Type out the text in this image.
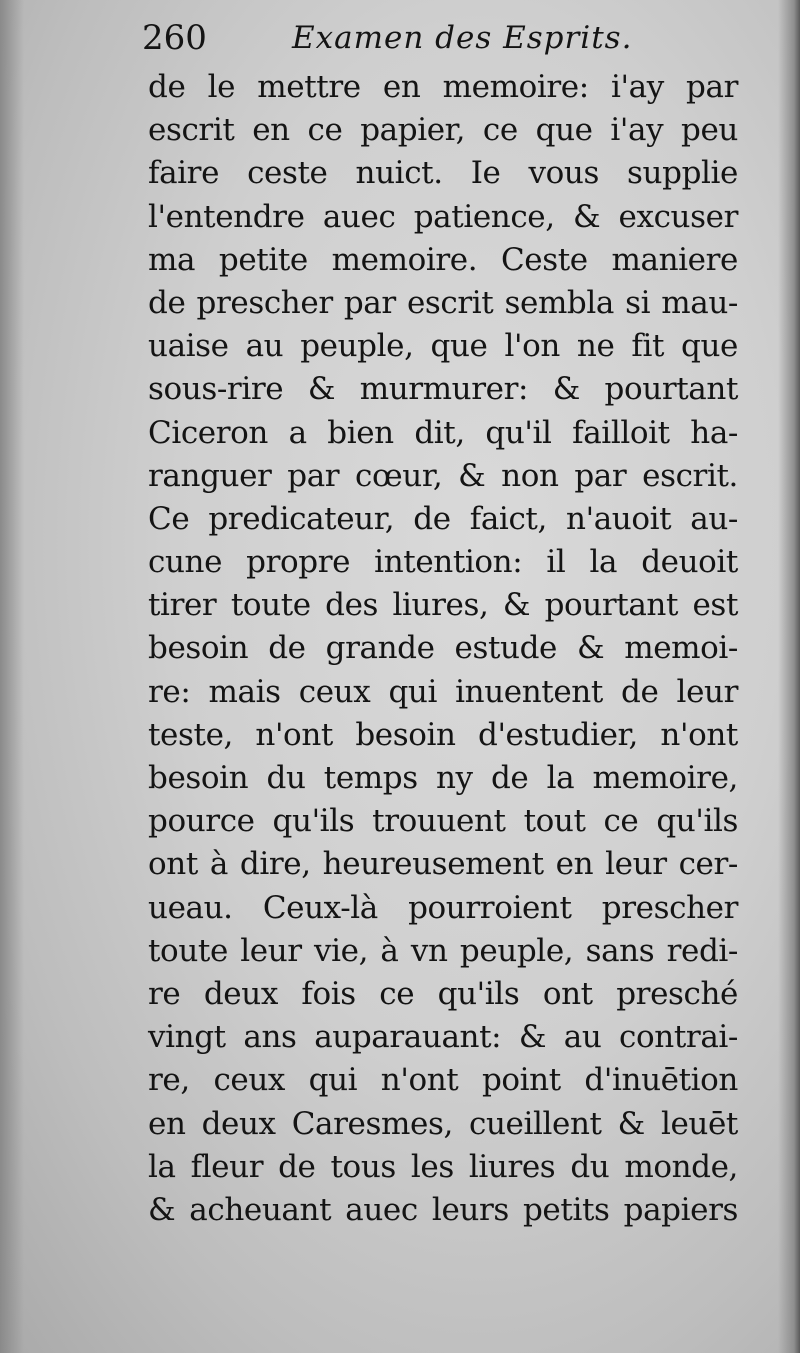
260	Examen des Esprits.
de le mettre en memoire: i'ay par
escrit en ce papier, ce que i'ay peu
faire ceste nuict. Ie vous supplie
l'entendre auec patience, & excuser
ma petite memoire. Ceste maniere
de prescher par escrit sembla si mau-
uaise au peuple, que l'on ne fit que
sous-rire & murmurer: & pourtant
Ciceron a bien dit, qu'il failloit ha-
ranguer par cœur, & non par escrit.
Ce predicateur, de faict, n'auoit au-
cune propre intention: il la deuoit
tirer toute des liures, & pourtant est
besoin de grande estude & memoi-
re: mais ceux qui inuentent de leur
teste, n'ont besoin d'estudier, n'ont
besoin du temps ny de la memoire,
pource qu'ils trouuent tout ce qu'ils
ont à dire, heureusement en leur cer-
ueau. Ceux-là pourroient prescher
toute leur vie, à vn peuple, sans redi-
re deux fois ce qu'ils ont presché
vingt ans auparauant: & au contrai-
re, ceux qui n'ont point d'inuētion
en deux Caresmes, cueillent & leuēt
la fleur de tous les liures du monde,
& acheuant auec leurs petits papiers
